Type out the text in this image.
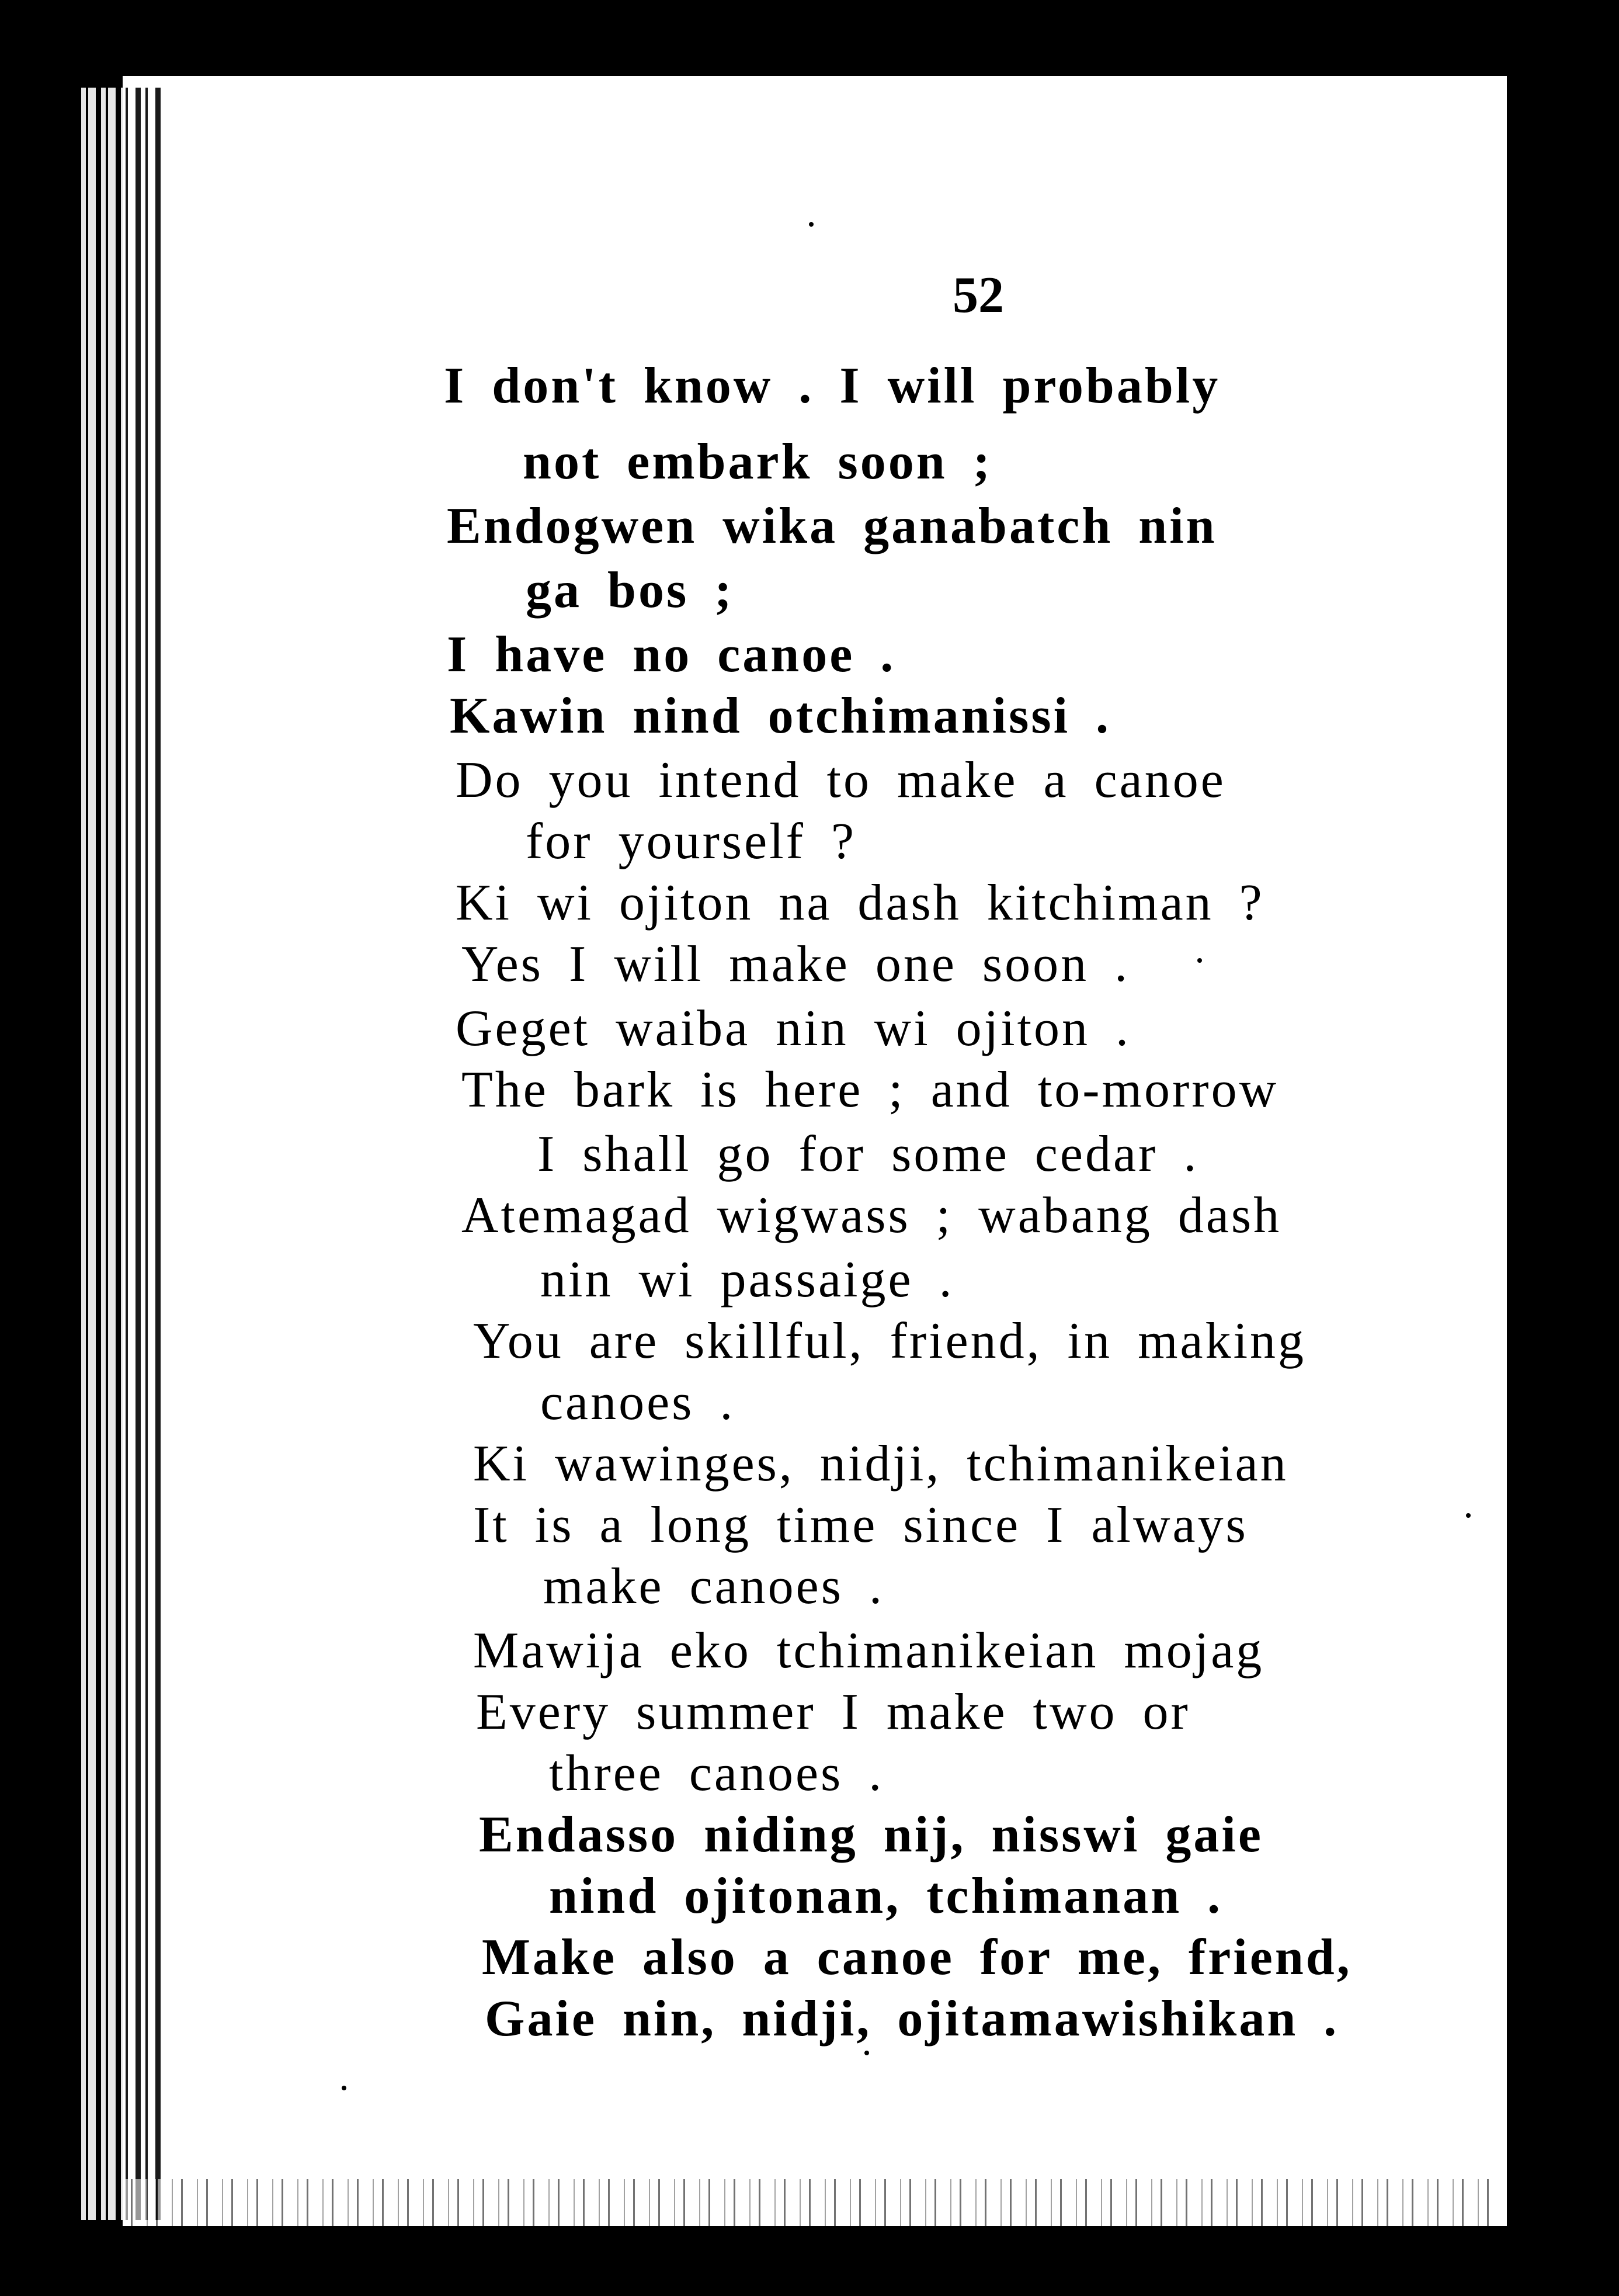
52
I don't know . I will probably
not embark soon ;
Endogwen wika ganabatch nin
ga bos ;
I have no canoe .
Kawin nind otchimanissi .
Do you intend to make a canoe
for yourself ?
Ki wi ojiton na dash kitchiman ?
Yes I will make one soon .
Geget waiba nin wi ojiton .
The bark is here ; and to-morrow
I shall go for some cedar .
Atemagad wigwass ; wabang dash
nin wi passaige .
You are skillful, friend, in making
canoes .
Ki wawinges, nidji, tchimanikeian
It is a long time since I always
make canoes .
Mawija eko tchimanikeian mojag
Every summer I make two or
three canoes .
Endasso niding nij, nisswi gaie
nind ojitonan, tchimanan .
Make also a canoe for me, friend,
Gaie nin, nidji, ojitamawishikan .
